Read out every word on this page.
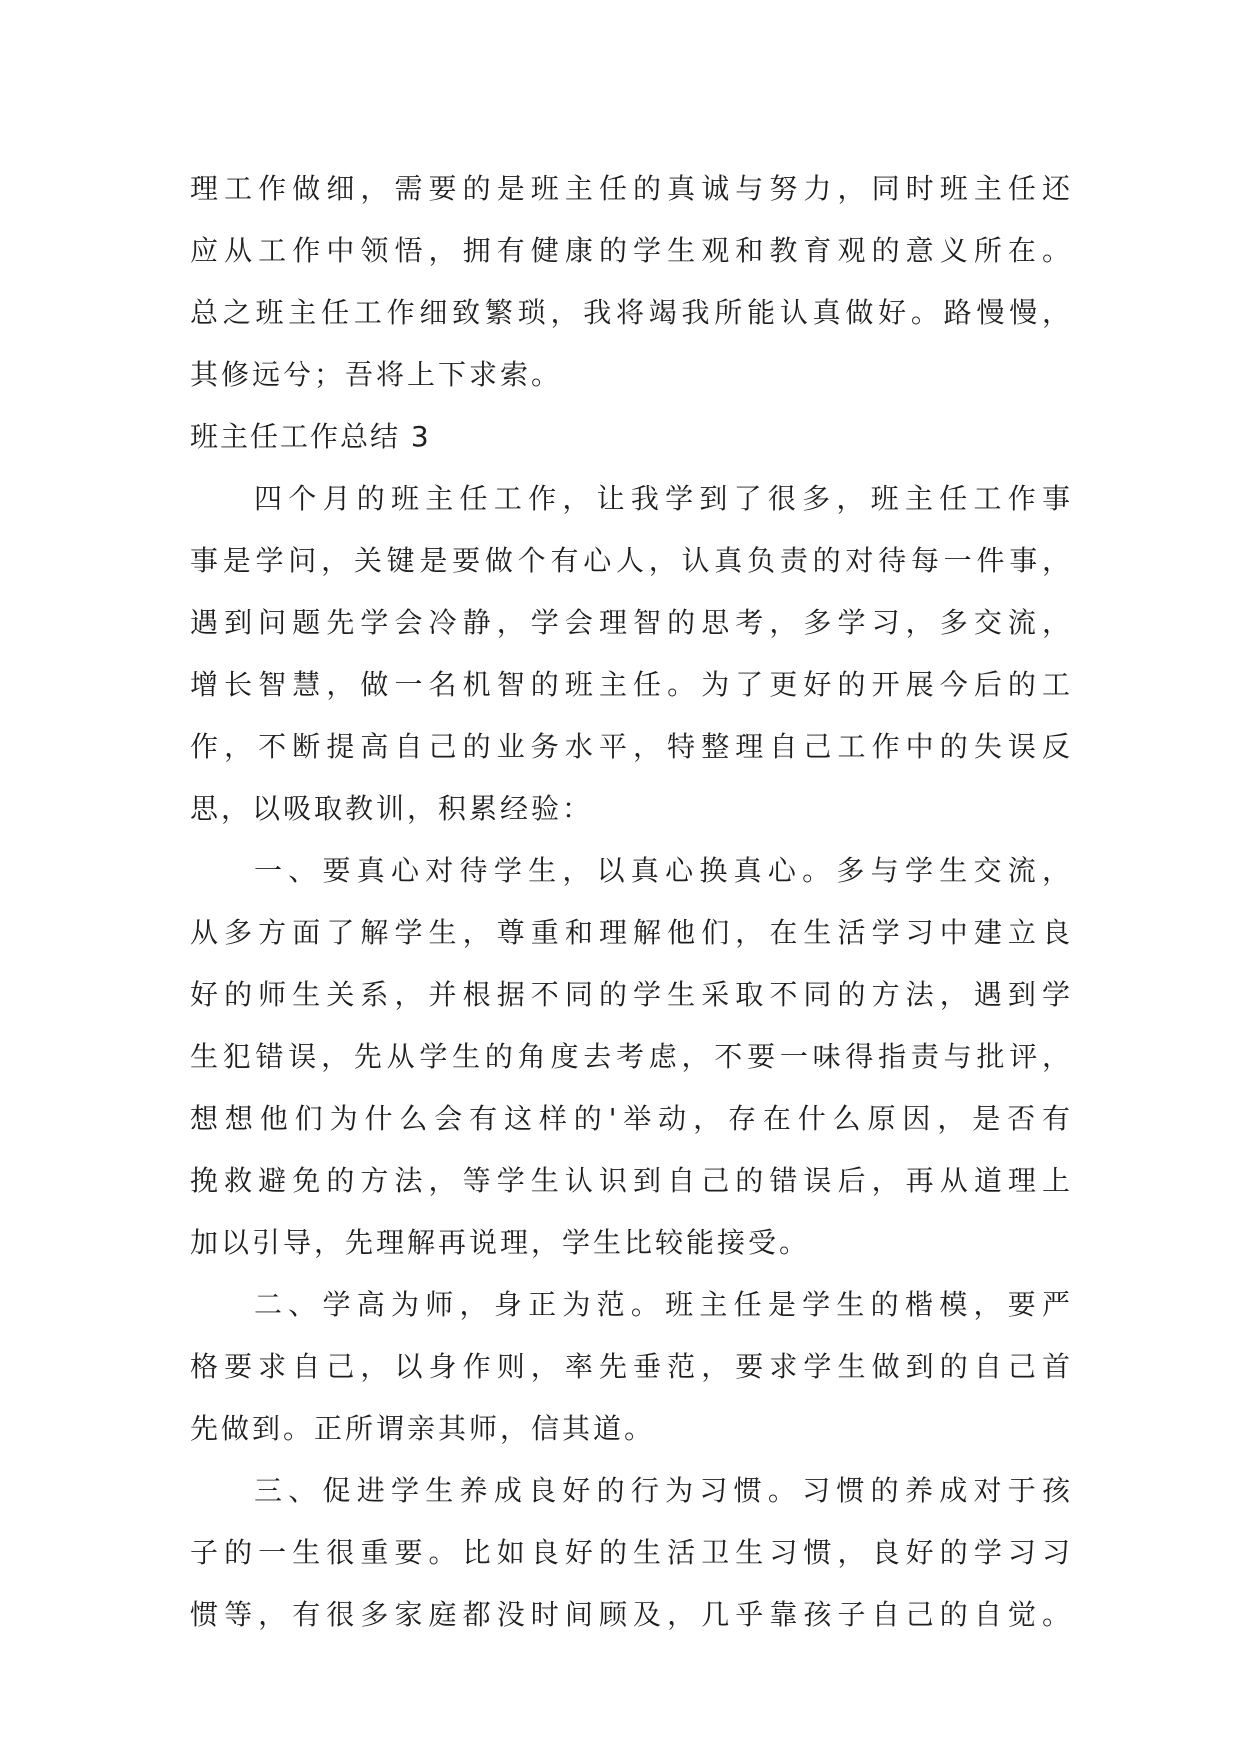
理工作做细，需要的是班主任的真诚与努力，同时班主任还
应从工作中领悟，拥有健康的学生观和教育观的意义所在。
总之班主任工作细致繁琐，我将竭我所能认真做好。路慢慢，
其修远兮；吾将上下求索。
班主任工作总结 3
四个月的班主任工作，让我学到了很多，班主任工作事
事是学问，关键是要做个有心人，认真负责的对待每一件事，
遇到问题先学会冷静，学会理智的思考，多学习，多交流，
增长智慧，做一名机智的班主任。为了更好的开展今后的工
作，不断提高自己的业务水平，特整理自己工作中的失误反
思，以吸取教训，积累经验：
一、要真心对待学生，以真心换真心。多与学生交流，
从多方面了解学生，尊重和理解他们，在生活学习中建立良
好的师生关系，并根据不同的学生采取不同的方法，遇到学
生犯错误，先从学生的角度去考虑，不要一味得指责与批评，
想想他们为什么会有这样的'举动，存在什么原因，是否有
挽救避免的方法，等学生认识到自己的错误后，再从道理上
加以引导，先理解再说理，学生比较能接受。
二、学高为师，身正为范。班主任是学生的楷模，要严
格要求自己，以身作则，率先垂范，要求学生做到的自己首
先做到。正所谓亲其师，信其道。
三、促进学生养成良好的行为习惯。习惯的养成对于孩
子的一生很重要。比如良好的生活卫生习惯，良好的学习习
惯等，有很多家庭都没时间顾及，几乎靠孩子自己的自觉。
